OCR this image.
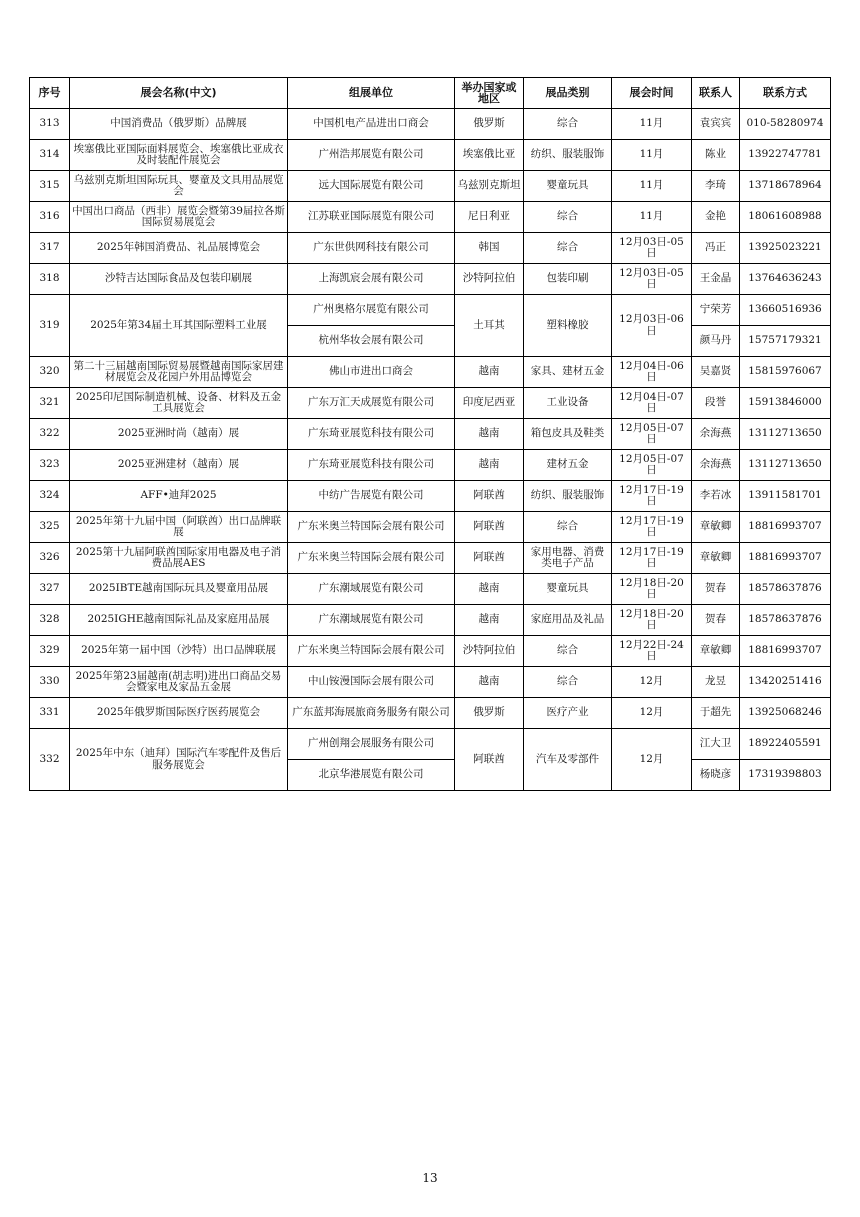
序号	展会名称(中文)	组展单位	举办国家或地区	展品类别	展会时间	联系人	联系方式
313	中国消费品（俄罗斯）品牌展	中国机电产品进出口商会	俄罗斯	综合	11月	袁宾宾	010-58280974
314	埃塞俄比亚国际面料展览会、埃塞俄比亚成衣及时装配件展览会	广州浩邦展览有限公司	埃塞俄比亚	纺织、服装服饰	11月	陈业	13922747781
315	乌兹别克斯坦国际玩具、婴童及文具用品展览会	远大国际展览有限公司	乌兹别克斯坦	婴童玩具	11月	李琦	13718678964
316	中国出口商品（西非）展览会暨第39届拉各斯国际贸易展览会	江苏联亚国际展览有限公司	尼日利亚	综合	11月	金艳	18061608988
317	2025年韩国消费品、礼品展博览会	广东世供网科技有限公司	韩国	综合	12月03日-05日	冯正	13925023221
318	沙特吉达国际食品及包装印刷展	上海凯宸会展有限公司	沙特阿拉伯	包装印刷	12月03日-05日	王金晶	13764636243
319	2025年第34届土耳其国际塑料工业展	广州奥格尔展览有限公司	土耳其	塑料橡胶	12月03日-06日	宁荣芳	13660516936
		杭州华妆会展有限公司				颜马丹	15757179321
320	第二十三届越南国际贸易展暨越南国际家居建材展览会及花园户外用品博览会	佛山市进出口商会	越南	家具、建材五金	12月04日-06日	吴嘉贤	15815976067
321	2025印尼国际制造机械、设备、材料及五金工具展览会	广东万汇天成展览有限公司	印度尼西亚	工业设备	12月04日-07日	段誉	15913846000
322	2025亚洲时尚（越南）展	广东琦亚展览科技有限公司	越南	箱包皮具及鞋类	12月05日-07日	余海燕	13112713650
323	2025亚洲建材（越南）展	广东琦亚展览科技有限公司	越南	建材五金	12月05日-07日	余海燕	13112713650
324	AFF•迪拜2025	中纺广告展览有限公司	阿联酋	纺织、服装服饰	12月17日-19日	李若冰	13911581701
325	2025年第十九届中国（阿联酋）出口品牌联展	广东米奥兰特国际会展有限公司	阿联酋	综合	12月17日-19日	章敏卿	18816993707
326	2025第十九届阿联酋国际家用电器及电子消费品展AES	广东米奥兰特国际会展有限公司	阿联酋	家用电器、消费类电子产品	12月17日-19日	章敏卿	18816993707
327	2025IBTE越南国际玩具及婴童用品展	广东潮域展览有限公司	越南	婴童玩具	12月18日-20日	贺春	18578637876
328	2025IGHE越南国际礼品及家庭用品展	广东潮域展览有限公司	越南	家庭用品及礼品	12月18日-20日	贺春	18578637876
329	2025年第一届中国（沙特）出口品牌联展	广东米奥兰特国际会展有限公司	沙特阿拉伯	综合	12月22日-24日	章敏卿	18816993707
330	2025年第23届越南(胡志明)进出口商品交易会暨家电及家品五金展	中山铵漫国际会展有限公司	越南	综合	12月	龙昱	13420251416
331	2025年俄罗斯国际医疗医药展览会	广东蓝邦海展旅商务服务有限公司	俄罗斯	医疗产业	12月	于超先	13925068246
332	2025年中东（迪拜）国际汽车零配件及售后服务展览会	广州创翔会展服务有限公司	阿联酋	汽车及零部件	12月	江大卫	18922405591
		北京华港展览有限公司				杨晓彦	17319398803
13
